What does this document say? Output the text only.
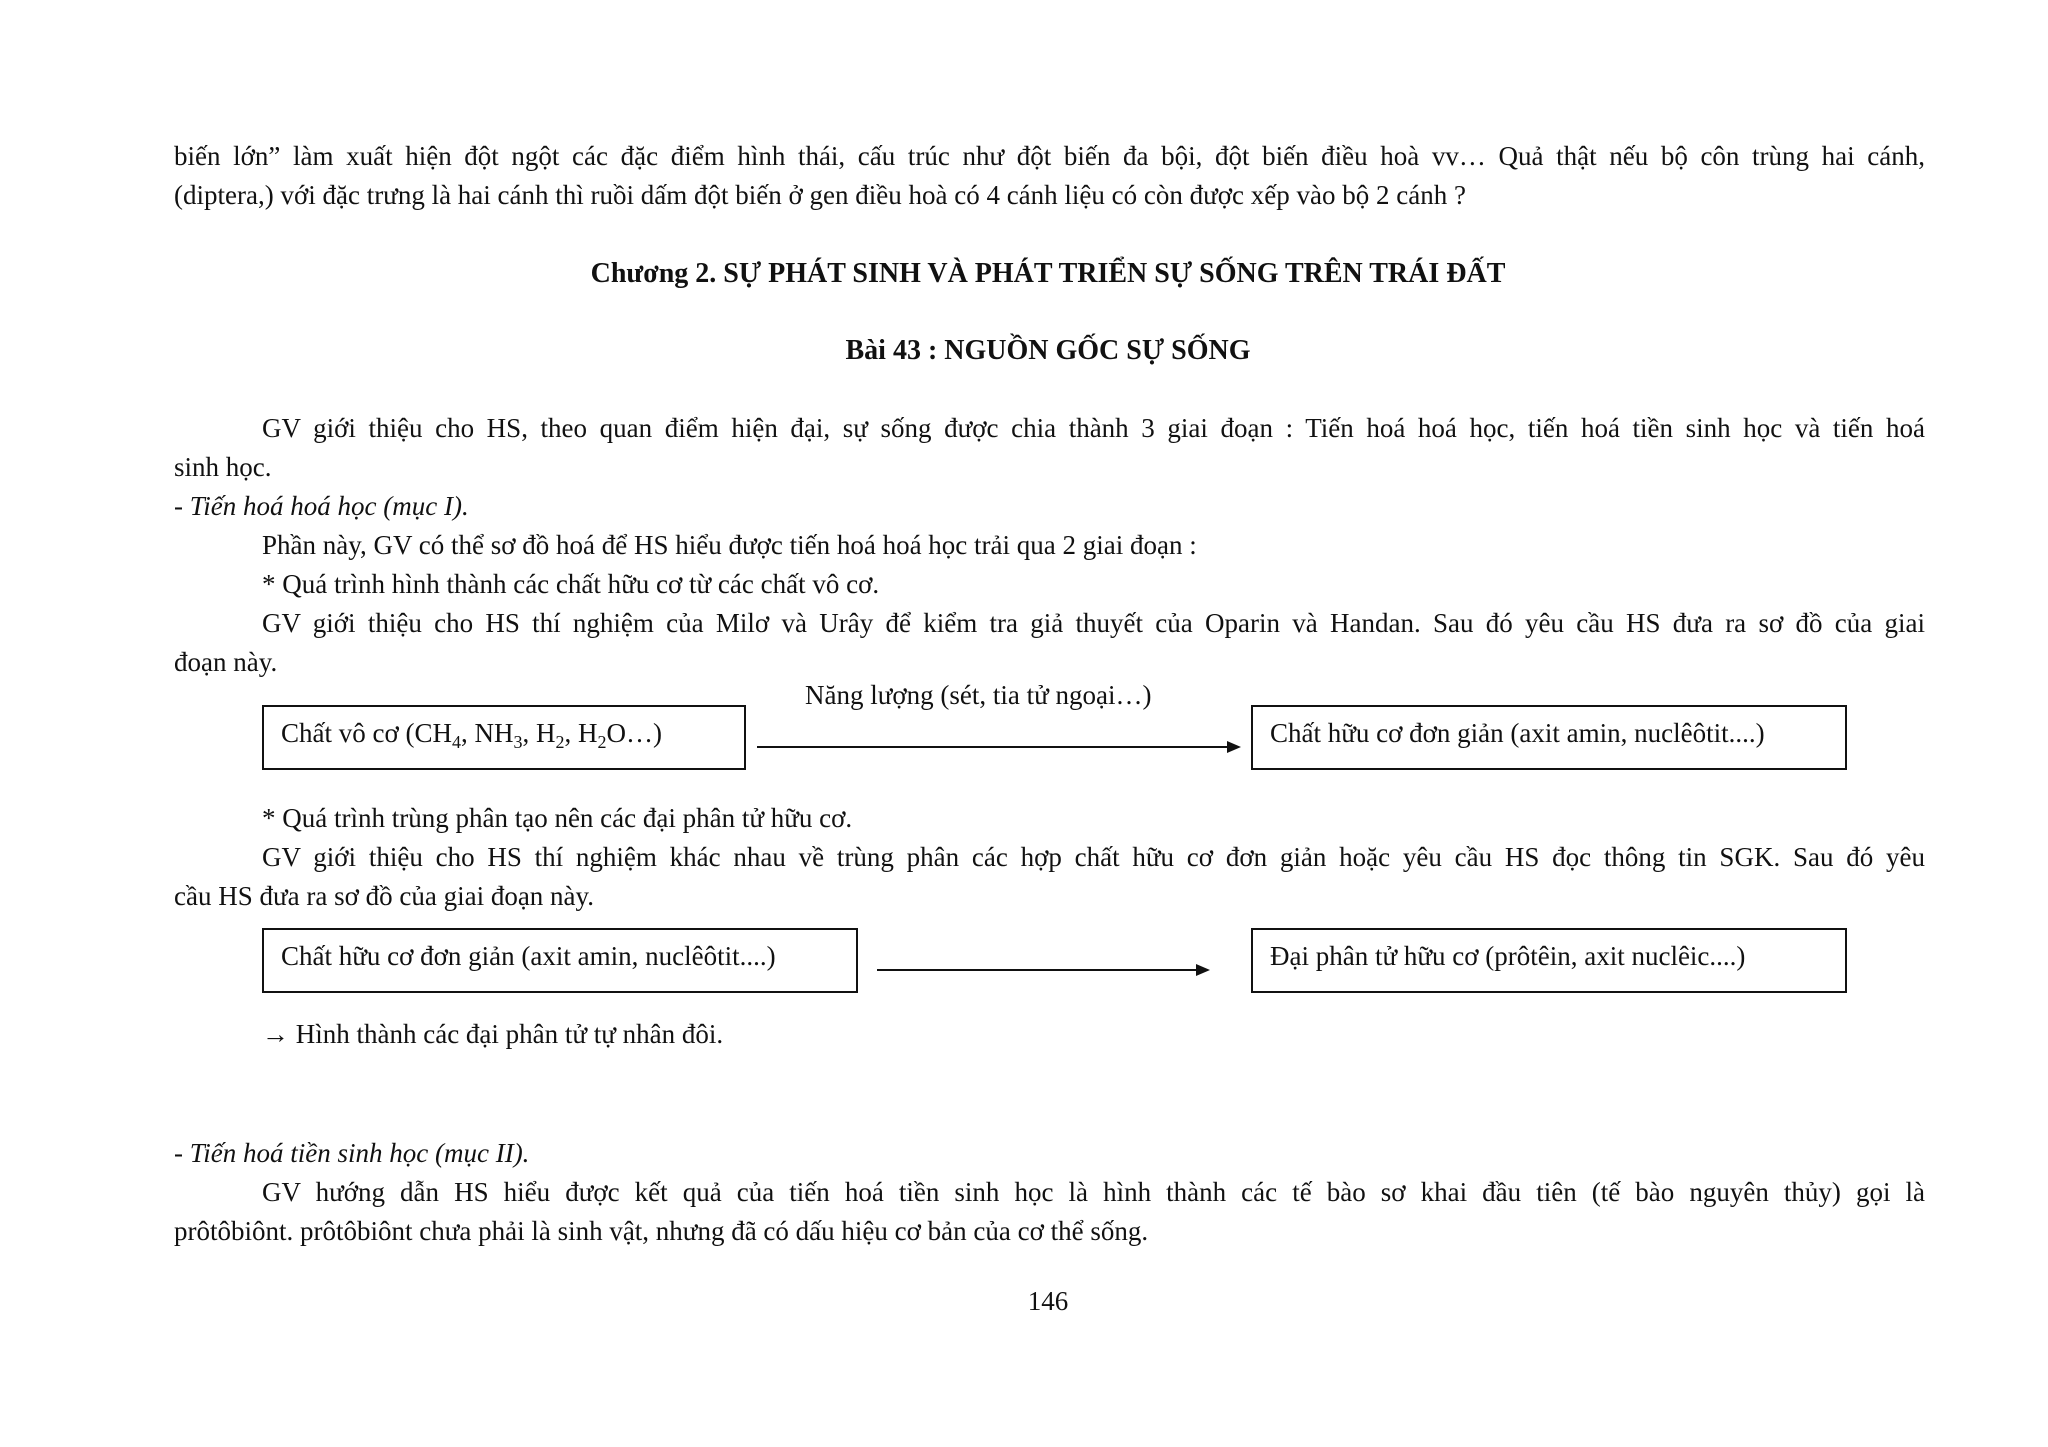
biến lớn” làm xuất hiện đột ngột các đặc điểm hình thái, cấu trúc như đột biến đa bội, đột biến điều hoà vv… Quả thật nếu bộ côn trùng hai cánh,
(diptera,) với đặc trưng là hai cánh thì ruồi dấm đột biến ở gen điều hoà có 4 cánh liệu có còn được xếp vào bộ 2 cánh ?
Chương 2. SỰ PHÁT SINH VÀ PHÁT TRIỂN SỰ SỐNG TRÊN TRÁI ĐẤT
Bài 43 : NGUỒN GỐC SỰ SỐNG
GV giới thiệu cho HS, theo quan điểm hiện đại, sự sống được chia thành 3 giai đoạn : Tiến hoá hoá học, tiến hoá tiền sinh học và tiến hoá
sinh học.
- Tiến hoá hoá học (mục I).
Phần này, GV có thể sơ đồ hoá để HS hiểu được tiến hoá hoá học trải qua 2 giai đoạn :
* Quá trình hình thành các chất hữu cơ từ các chất vô cơ.
GV giới thiệu cho HS thí nghiệm của Milơ và Urây để kiểm tra giả thuyết của Oparin và Handan. Sau đó yêu cầu HS đưa ra sơ đồ của giai
đoạn này.
Năng lượng (sét, tia tử ngoại…)
Chất vô cơ ($CH_4$, $NH_3$, $H_2$, $H_2O\dots$)	Chất hữu cơ đơn giản (axit amin, nuclêôtit....)
* Quá trình trùng phân tạo nên các đại phân tử hữu cơ.
GV giới thiệu cho HS thí nghiệm khác nhau về trùng phân các hợp chất hữu cơ đơn giản hoặc yêu cầu HS đọc thông tin SGK. Sau đó yêu
cầu HS đưa ra sơ đồ của giai đoạn này.
Chất hữu cơ đơn giản (axit amin, nuclêôtit....)	Đại phân tử hữu cơ (prôtêin, axit nuclêic....)
→ Hình thành các đại phân tử tự nhân đôi.
- Tiến hoá tiền sinh học (mục II).
GV hướng dẫn HS hiểu được kết quả của tiến hoá tiền sinh học là hình thành các tế bào sơ khai đầu tiên (tế bào nguyên thủy) gọi là
prôtôbiônt. prôtôbiônt chưa phải là sinh vật, nhưng đã có dấu hiệu cơ bản của cơ thể sống.
146
